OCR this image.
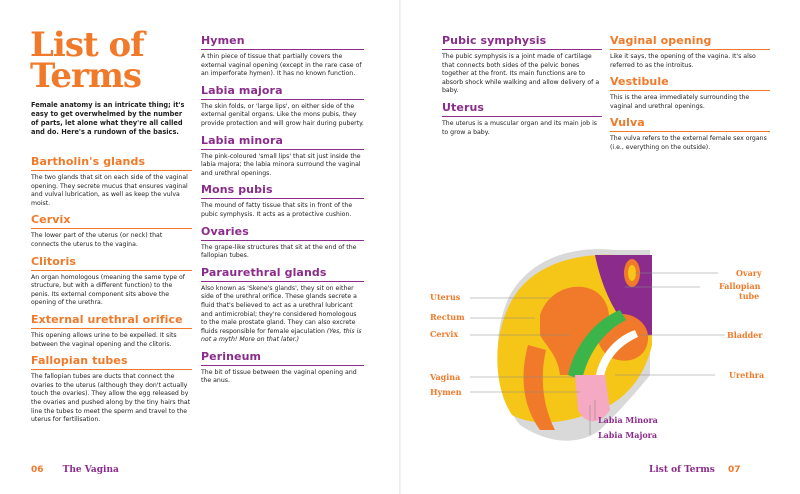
List of Terms
Female anatomy is an intricate thing; it's easy to get overwhelmed by the number of parts, let alone what they're all called and do. Here's a rundown of the basics.
Bartholin's glands
The two glands that sit on each side of the vaginal opening. They secrete mucus that ensures vaginal and vulval lubrication, as well as keep the vulva moist.
Cervix
The lower part of the uterus (or neck) that connects the uterus to the vagina.
Clitoris
An organ homologous (meaning the same type of structure, but with a different function) to the penis. Its external component sits above the opening of the urethra.
External urethral orifice
This opening allows urine to be expelled. It sits between the vaginal opening and the clitoris.
Fallopian tubes
The fallopian tubes are ducts that connect the ovaries to the uterus (although they don't actually touch the ovaries). They allow the egg released by the ovaries and pushed along by the tiny hairs that line the tubes to meet the sperm and travel to the uterus for fertilisation.
Hymen
A thin piece of tissue that partially covers the external vaginal opening (except in the rare case of an imperforate hymen). It has no known function.
Labia majora
The skin folds, or 'large lips', on either side of the external genital organs. Like the mons pubis, they provide protection and will grow hair during puberty.
Labia minora
The pink-coloured 'small lips' that sit just inside the labia majora; the labia minora surround the vaginal and urethral openings.
Mons pubis
The mound of fatty tissue that sits in front of the pubic symphysis. It acts as a protective cushion.
Ovaries
The grape-like structures that sit at the end of the fallopian tubes.
Paraurethral glands
Also known as 'Skene's glands', they sit on either side of the urethral orifice. These glands secrete a fluid that's believed to act as a urethral lubricant and antimicrobial; they're considered homologous to the male prostate gland. They can also excrete fluids responsible for female ejaculation (Yes, this is not a myth! More on that later.)
Perineum
The bit of tissue between the vaginal opening and the anus.
Pubic symphysis
The pubic symphysis is a joint made of cartilage that connects both sides of the pelvic bones together at the front. Its main functions are to absorb shock while walking and allow delivery of a baby.
Uterus
The uterus is a muscular organ and its main job is to grow a baby.
Vaginal opening
Like it says, the opening of the vagina. It's also referred to as the introitus.
Vestibule
This is the area immediately surrounding the vaginal and urethral openings.
Vulva
The vulva refers to the external female sex organs (i.e., everything on the outside).
Uterus
Rectum
Cervix
Vagina
Hymen
Ovary
Fallopian
tube
Bladder
Urethra
Labia Minora
Labia Majora
06 The Vagina	List of Terms 07
